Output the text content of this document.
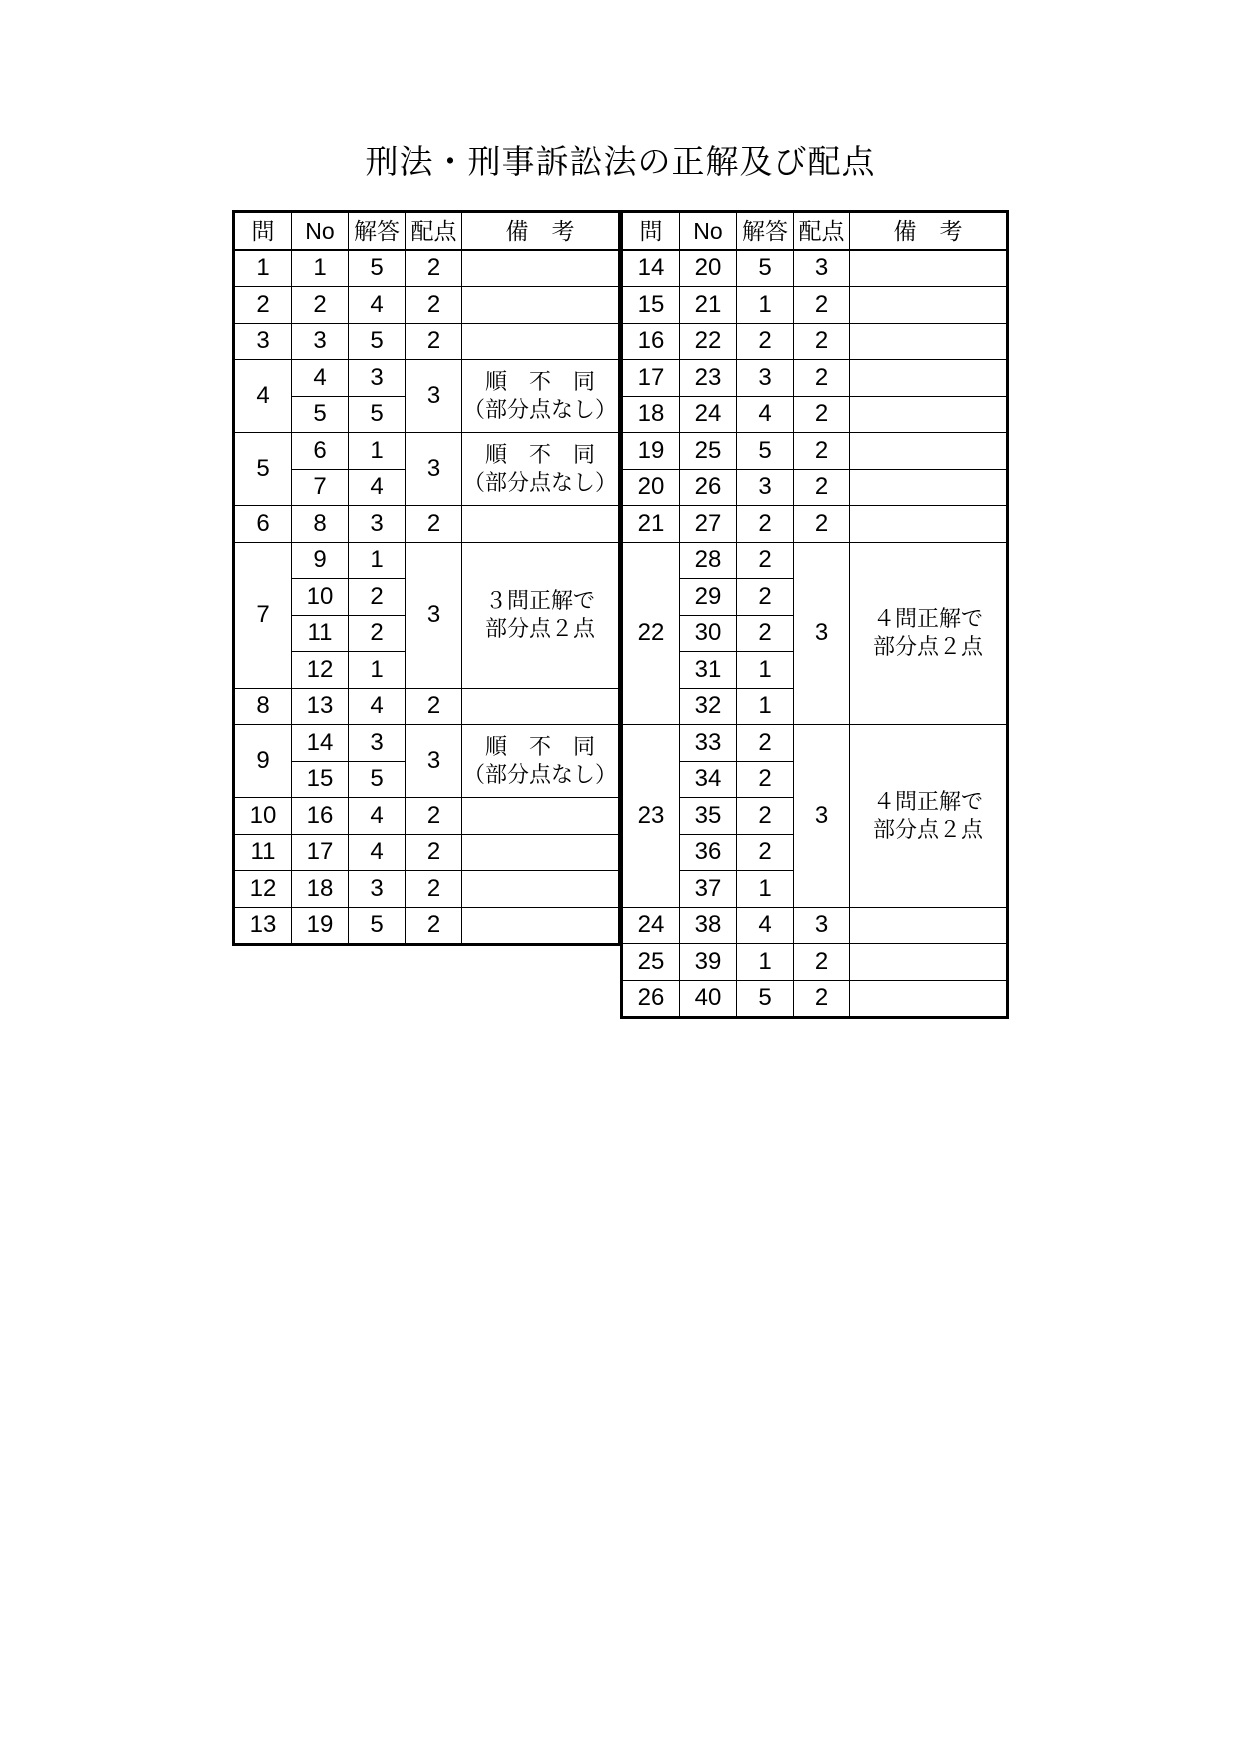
刑法・刑事訴訟法の正解及び配点
問	No	解答	配点	備　考
1	1	5	2	
2	2	4	2	
3	3	5	2	
4	4	3	3	順　不　同
（部分点なし）
	5	5		
5	6	1	3	順　不　同
（部分点なし）
	7	4		
6	8	3	2	
7	9	1	3	３問正解で
部分点２点
	10	2		
	11	2		
	12	1		
8	13	4	2	
9	14	3	3	順　不　同
（部分点なし）
	15	5		
10	16	4	2	
11	17	4	2	
12	18	3	2	
13	19	5	2	
問	No	解答	配点	備　考
14	20	5	3	
15	21	1	2	
16	22	2	2	
17	23	3	2	
18	24	4	2	
19	25	5	2	
20	26	3	2	
21	27	2	2	
22	28	2	3	４問正解で
部分点２点
	29	2		
	30	2		
	31	1		
	32	1		
23	33	2	3	４問正解で
部分点２点
	34	2		
	35	2		
	36	2		
	37	1		
24	38	4	3	
25	39	1	2	
26	40	5	2	
